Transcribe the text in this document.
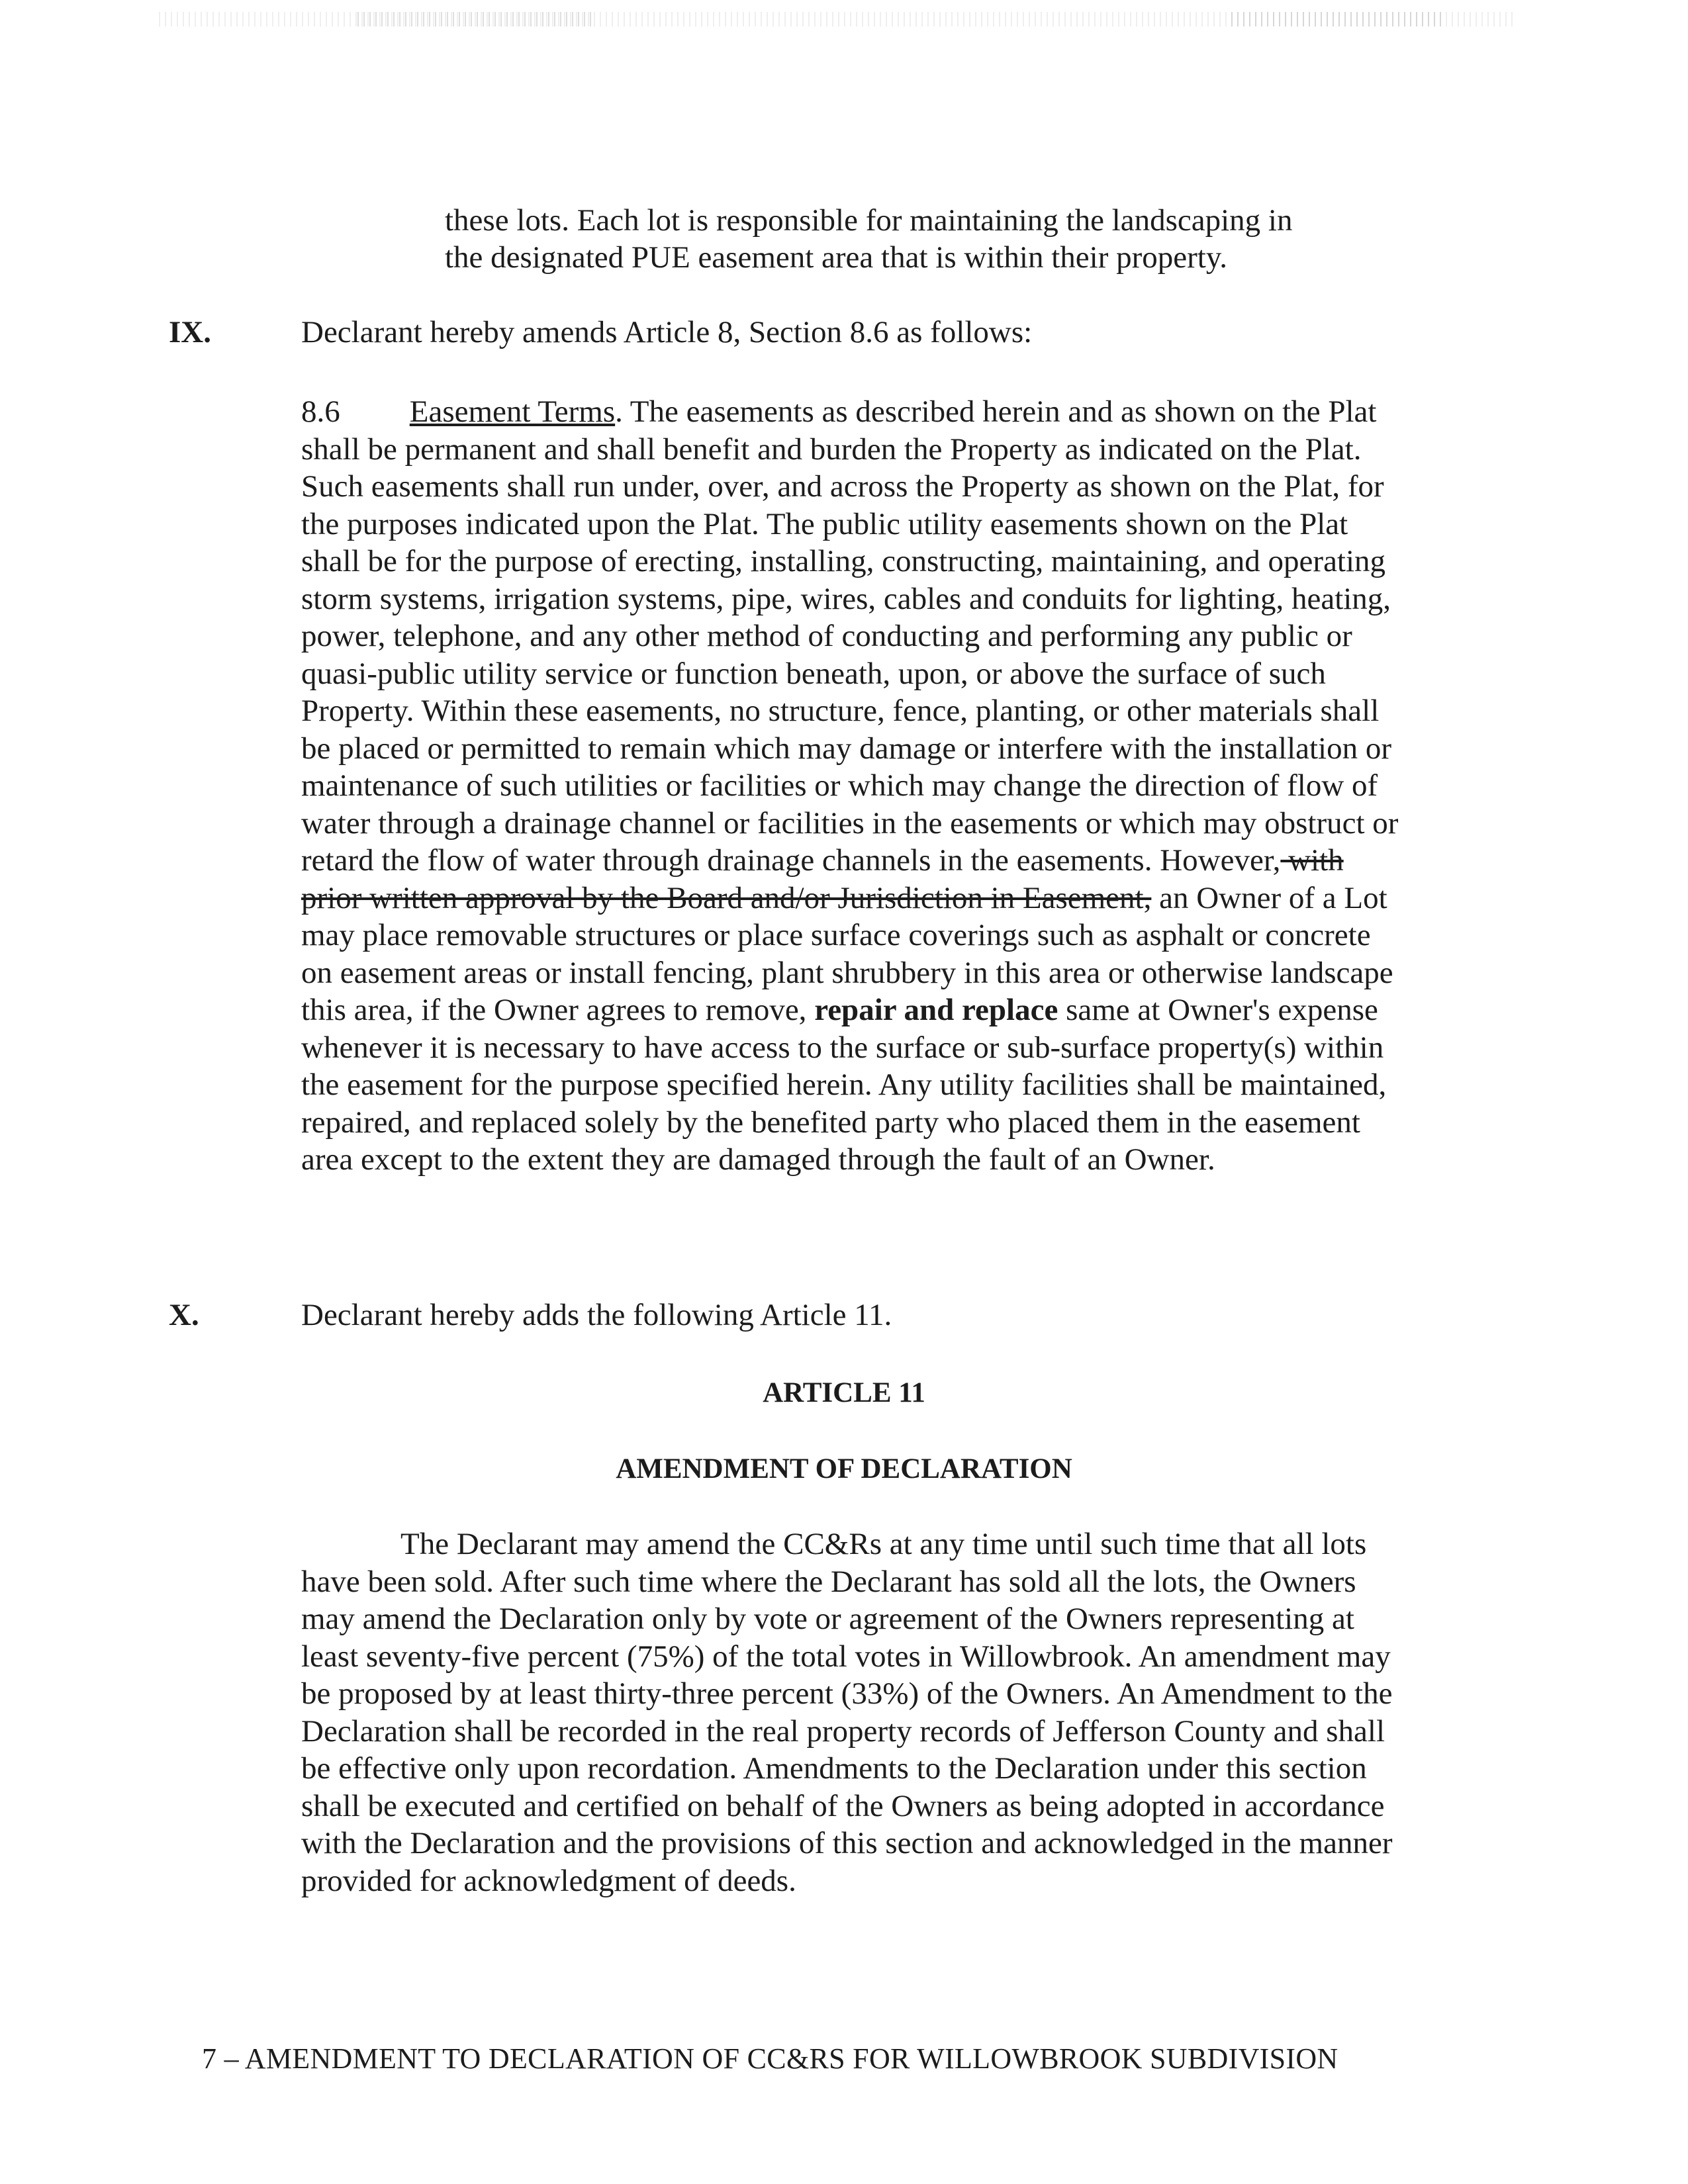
these lots. Each lot is responsible for maintaining the landscaping in
the designated PUE easement area that is within their property.
IX.	Declarant hereby amends Article 8, Section 8.6 as follows:

8.6 Easement Terms. The easements as described herein and as shown on the Plat shall be permanent and shall benefit and burden the Property as indicated on the Plat. Such easements shall run under, over, and across the Property as shown on the Plat, for the purposes indicated upon the Plat. The public utility easements shown on the Plat shall be for the purpose of erecting, installing, constructing, maintaining, and operating storm systems, irrigation systems, pipe, wires, cables and conduits for lighting, heating, power, telephone, and any other method of conducting and performing any public or quasi-public utility service or function beneath, upon, or above the surface of such Property. Within these easements, no structure, fence, planting, or other materials shall be placed or permitted to remain which may damage or interfere with the installation or maintenance of such utilities or facilities or which may change the direction of flow of water through a drainage channel or facilities in the easements or which may obstruct or retard the flow of water through drainage channels in the easements. However, with prior written approval by the Board and/or Jurisdiction in Easement, an Owner of a Lot may place removable structures or place surface coverings such as asphalt or concrete on easement areas or install fencing, plant shrubbery in this area or otherwise landscape this area, if the Owner agrees to remove, repair and replace same at Owner's expense whenever it is necessary to have access to the surface or sub-surface property(s) within the easement for the purpose specified herein. Any utility facilities shall be maintained, repaired, and replaced solely by the benefited party who placed them in the easement area except to the extent they are damaged through the fault of an Owner.

X.	Declarant hereby adds the following Article 11.
ARTICLE 11
AMENDMENT OF DECLARATION

The Declarant may amend the CC&Rs at any time until such time that all lots have been sold. After such time where the Declarant has sold all the lots, the Owners may amend the Declaration only by vote or agreement of the Owners representing at least seventy-five percent (75%) of the total votes in Willowbrook. An amendment may be proposed by at least thirty-three percent (33%) of the Owners. An Amendment to the Declaration shall be recorded in the real property records of Jefferson County and shall be effective only upon recordation. Amendments to the Declaration under this section shall be executed and certified on behalf of the Owners as being adopted in accordance with the Declaration and the provisions of this section and acknowledged in the manner provided for acknowledgment of deeds.

7 – AMENDMENT TO DECLARATION OF CC&RS FOR WILLOWBROOK SUBDIVISION
